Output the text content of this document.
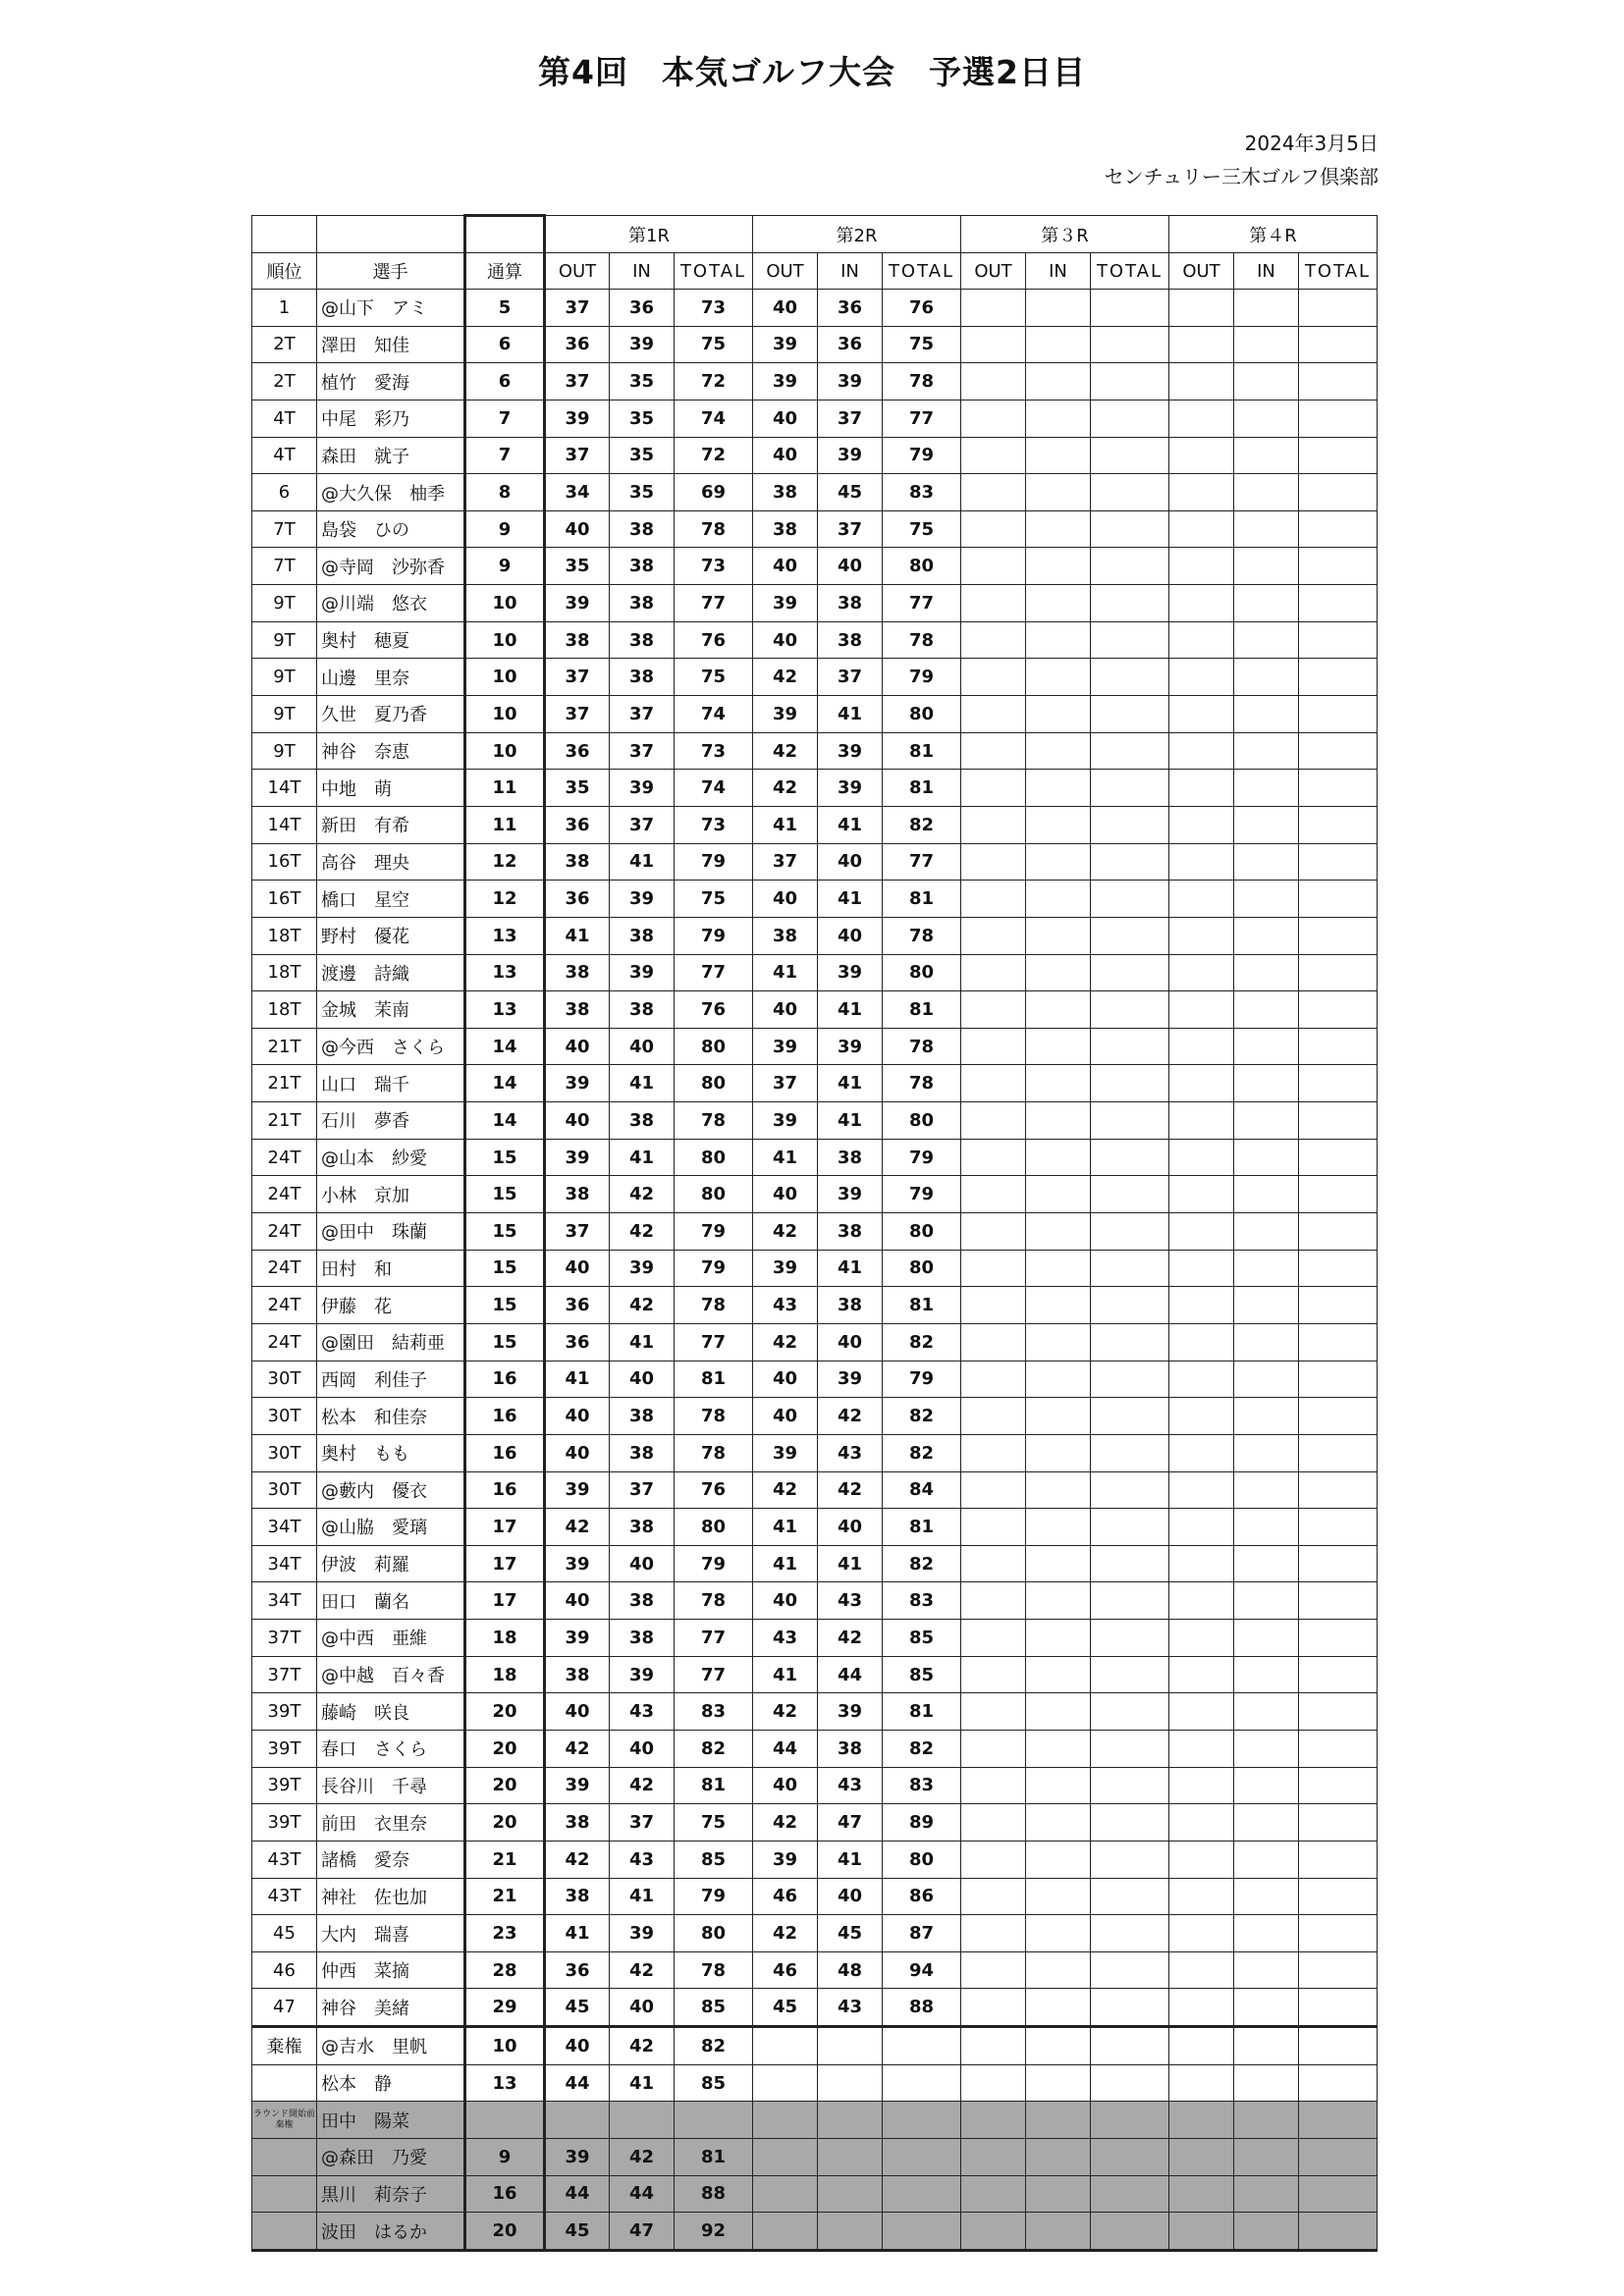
第4回　本気ゴルフ大会　予選2日目
2024年3月5日
センチュリー三木ゴルフ倶楽部
			第1R			第2R			第３R			第４R		
順位	選手	通算	OUT	IN	TOTAL	OUT	IN	TOTAL	OUT	IN	TOTAL	OUT	IN	TOTAL
1	@山下　アミ	5	37	36	73	40	36	76						
2T	澤田　知佳	6	36	39	75	39	36	75						
2T	植竹　愛海	6	37	35	72	39	39	78						
4T	中尾　彩乃	7	39	35	74	40	37	77						
4T	森田　就子	7	37	35	72	40	39	79						
6	@大久保　柚季	8	34	35	69	38	45	83						
7T	島袋　ひの	9	40	38	78	38	37	75						
7T	@寺岡　沙弥香	9	35	38	73	40	40	80						
9T	@川端　悠衣	10	39	38	77	39	38	77						
9T	奥村　穂夏	10	38	38	76	40	38	78						
9T	山邊　里奈	10	37	38	75	42	37	79						
9T	久世　夏乃香	10	37	37	74	39	41	80						
9T	神谷　奈恵	10	36	37	73	42	39	81						
14T	中地　萌	11	35	39	74	42	39	81						
14T	新田　有希	11	36	37	73	41	41	82						
16T	高谷　理央	12	38	41	79	37	40	77						
16T	橋口　星空	12	36	39	75	40	41	81						
18T	野村　優花	13	41	38	79	38	40	78						
18T	渡邊　詩織	13	38	39	77	41	39	80						
18T	金城　茉南	13	38	38	76	40	41	81						
21T	@今西　さくら	14	40	40	80	39	39	78						
21T	山口　瑞千	14	39	41	80	37	41	78						
21T	石川　夢香	14	40	38	78	39	41	80						
24T	@山本　紗愛	15	39	41	80	41	38	79						
24T	小林　京加	15	38	42	80	40	39	79						
24T	@田中　珠蘭	15	37	42	79	42	38	80						
24T	田村　和	15	40	39	79	39	41	80						
24T	伊藤　花	15	36	42	78	43	38	81						
24T	@園田　結莉亜	15	36	41	77	42	40	82						
30T	西岡　利佳子	16	41	40	81	40	39	79						
30T	松本　和佳奈	16	40	38	78	40	42	82						
30T	奥村　もも	16	40	38	78	39	43	82						
30T	@藪内　優衣	16	39	37	76	42	42	84						
34T	@山脇　愛璃	17	42	38	80	41	40	81						
34T	伊波　莉羅	17	39	40	79	41	41	82						
34T	田口　蘭名	17	40	38	78	40	43	83						
37T	@中西　亜維	18	39	38	77	43	42	85						
37T	@中越　百々香	18	38	39	77	41	44	85						
39T	藤崎　咲良	20	40	43	83	42	39	81						
39T	春口　さくら	20	42	40	82	44	38	82						
39T	長谷川　千尋	20	39	42	81	40	43	83						
39T	前田　衣里奈	20	38	37	75	42	47	89						
43T	諸橋　愛奈	21	42	43	85	39	41	80						
43T	神社　佐也加	21	38	41	79	46	40	86						
45	大内　瑞喜	23	41	39	80	42	45	87						
46	仲西　菜摘	28	36	42	78	46	48	94						
47	神谷　美緒	29	45	40	85	45	43	88						
棄権	@吉水　里帆	10	40	42	82									
	松本　静	13	44	41	85									
ラウンド開始前棄権	田中　陽菜													
	@森田　乃愛	9	39	42	81									
	黒川　莉奈子	16	44	44	88									
	波田　はるか	20	45	47	92									
